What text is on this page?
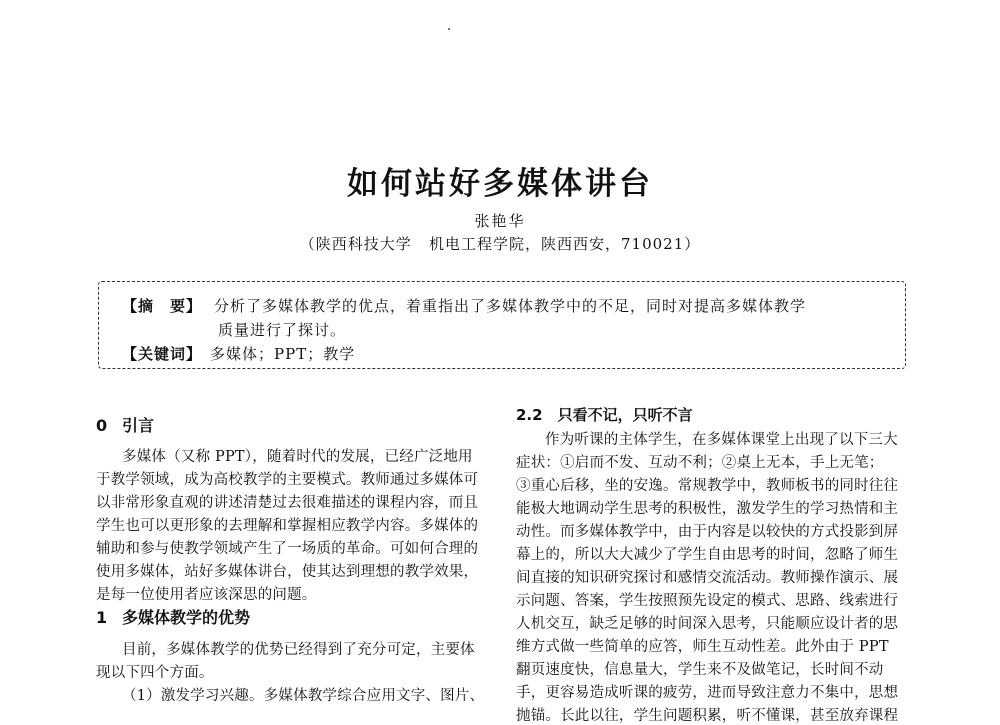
如何站好多媒体讲台
张艳华
（陕西科技大学   机电工程学院，陕西西安，710021）
【摘　要】 分析了多媒体教学的优点，着重指出了多媒体教学中的不足，同时对提高多媒体教学
质量进行了探讨。
【关键词】 多媒体；PPT；教学
0 引言
多媒体（又称 PPT），随着时代的发展，已经广泛地用
于教学领域，成为高校教学的主要模式。教师通过多媒体可
以非常形象直观的讲述清楚过去很难描述的课程内容，而且
学生也可以更形象的去理解和掌握相应教学内容。多媒体的
辅助和参与使教学领域产生了一场质的革命。可如何合理的
使用多媒体，站好多媒体讲台，使其达到理想的教学效果，
是每一位使用者应该深思的问题。
1 多媒体教学的优势
目前，多媒体教学的优势已经得到了充分可定，主要体
现以下四个方面。
（1）激发学习兴趣。多媒体教学综合应用文字、图片、
2.2　只看不记，只听不言
作为听课的主体学生，在多媒体课堂上出现了以下三大
症状：①启而不发、互动不利；②桌上无本，手上无笔；
③重心后移，坐的安逸。常规教学中，教师板书的同时往往
能极大地调动学生思考的积极性，激发学生的学习热情和主
动性。而多媒体教学中，由于内容是以较快的方式投影到屏
幕上的，所以大大减少了学生自由思考的时间，忽略了师生
间直接的知识研究探讨和感情交流活动。教师操作演示、展
示问题、答案，学生按照预先设定的模式、思路、线索进行
人机交互，缺乏足够的时间深入思考，只能顺应设计者的思
维方式做一些简单的应答，师生互动性差。此外由于 PPT
翻页速度快，信息量大，学生来不及做笔记，长时间不动
手，更容易造成听课的疲劳，进而导致注意力不集中，思想
抛锚。长此以往，学生问题积累，听不懂课，甚至放弃课程
